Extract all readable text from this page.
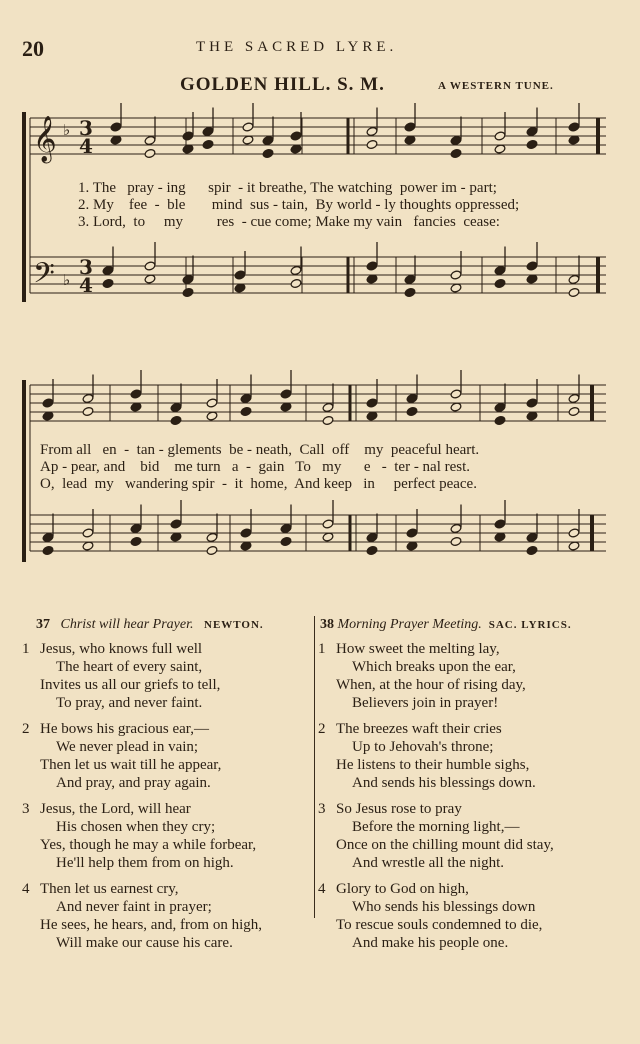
20	THE SACRED LYRE.
GOLDEN HILL. S. M.	A WESTERN TUNE.
𝄞
𝄢
♭
♭
3
4
3
4
1. The   pray - ing      spir  - it breathe, The watching  power im - part;
2. My    fee  -  ble       mind  sus - tain,  By world - ly thoughts oppressed;
3. Lord,  to     my         res  - cue come; Make my vain   fancies  cease:
From all   en  -  tan - glements  be - neath,  Call  off    my  peaceful heart.
Ap - pear, and    bid    me turn   a  -  gain   To   my      e   -  ter - nal rest.
O,  lead  my   wandering spir  -  it  home,  And keep   in     perfect peace.
37 Christ will hear Prayer. NEWTON.	38 Morning Prayer Meeting. SAC. LYRICS.
1 Jesus, who knows full well
The heart of every saint,
Invites us all our griefs to tell,
To pray, and never faint.
2 He bows his gracious ear,—
We never plead in vain;
Then let us wait till he appear,
And pray, and pray again.
3 Jesus, the Lord, will hear
His chosen when they cry;
Yes, though he may a while forbear,
He'll help them from on high.
4 Then let us earnest cry,
And never faint in prayer;
He sees, he hears, and, from on high,
Will make our cause his care.
1 How sweet the melting lay,
Which breaks upon the ear,
When, at the hour of rising day,
Believers join in prayer!
2 The breezes waft their cries
Up to Jehovah's throne;
He listens to their humble sighs,
And sends his blessings down.
3 So Jesus rose to pray
Before the morning light,—
Once on the chilling mount did stay,
And wrestle all the night.
4 Glory to God on high,
Who sends his blessings down
To rescue souls condemned to die,
And make his people one.
